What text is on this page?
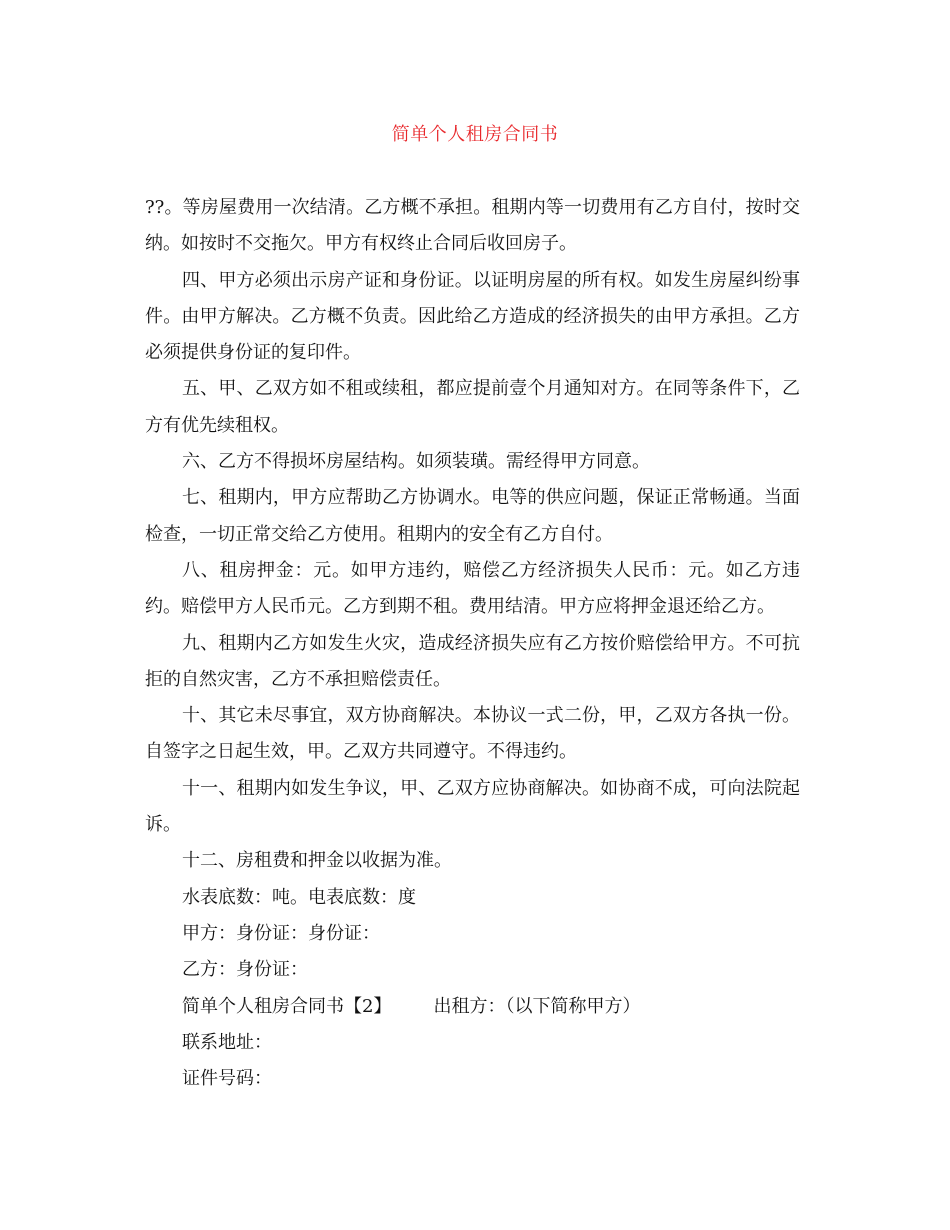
简单个人租房合同书

??。等房屋费用一次结清。乙方概不承担。租期内等一切费用有乙方自付，按时交纳。如按时不交拖欠。甲方有权终止合同后收回房子。

四、甲方必须出示房产证和身份证。以证明房屋的所有权。如发生房屋纠纷事件。由甲方解决。乙方概不负责。因此给乙方造成的经济损失的由甲方承担。乙方必须提供身份证的复印件。

五、甲、乙双方如不租或续租，都应提前壹个月通知对方。在同等条件下，乙方有优先续租权。

六、乙方不得损坏房屋结构。如须装璜。需经得甲方同意。

七、租期内，甲方应帮助乙方协调水。电等的供应问题，保证正常畅通。当面检查，一切正常交给乙方使用。租期内的安全有乙方自付。

八、租房押金：元。如甲方违约，赔偿乙方经济损失人民币：元。如乙方违约。赔偿甲方人民币元。乙方到期不租。费用结清。甲方应将押金退还给乙方。

九、租期内乙方如发生火灾，造成经济损失应有乙方按价赔偿给甲方。不可抗拒的自然灾害，乙方不承担赔偿责任。

十、其它未尽事宜，双方协商解决。本协议一式二份，甲，乙双方各执一份。自签字之日起生效，甲。乙双方共同遵守。不得违约。

十一、租期内如发生争议，甲、乙双方应协商解决。如协商不成，可向法院起诉。

十二、房租费和押金以收据为准。

水表底数：吨。电表底数：度

甲方：身份证：身份证：

乙方：身份证：

简单个人租房合同书【2】 出租方：（以下简称甲方）

联系地址：

证件号码：
